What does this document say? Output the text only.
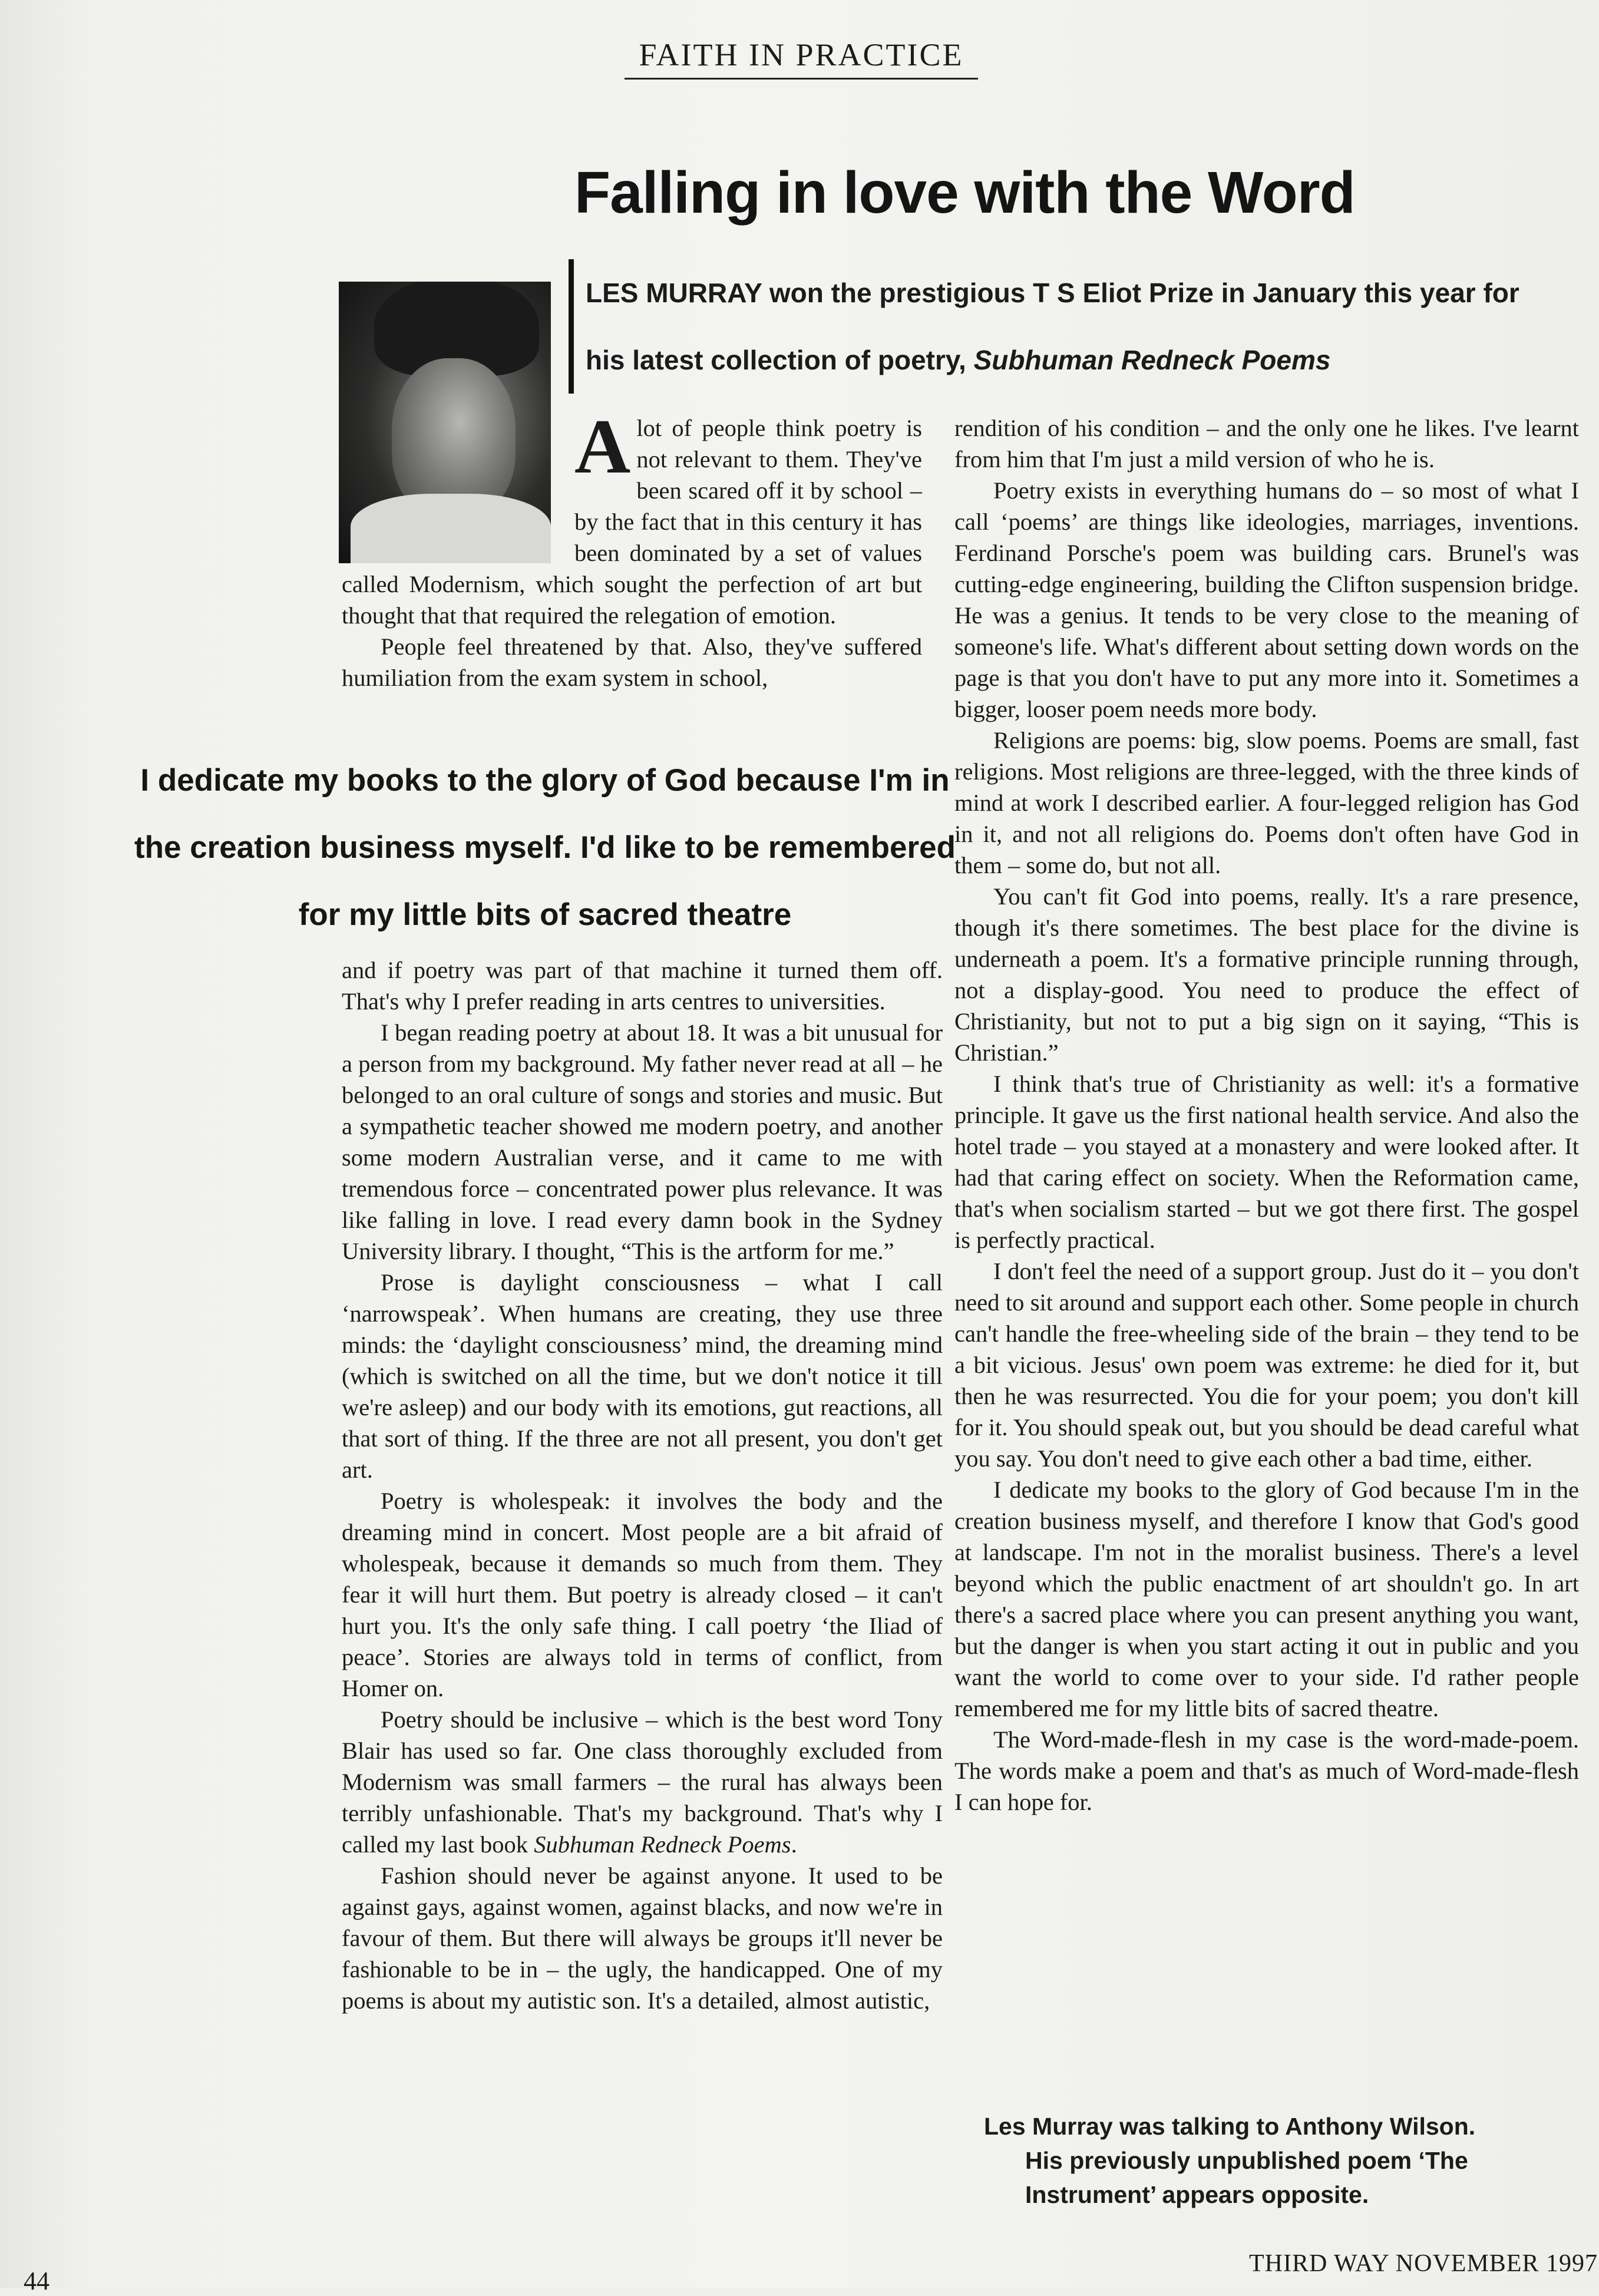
FAITH IN PRACTICE
Falling in love with the Word
LES MURRAY won the prestigious T S Eliot Prize in January this year for his latest collection of poetry, Subhuman Redneck Poems

Alot of people think poetry is not relevant to them. They've been scared off it by school – by the fact that in this century it has been dominated by a set of values called Modernism, which sought the perfection of art but thought that that required the relegation of emotion.

People feel threatened by that. Also, they've suffered humiliation from the exam system in school,

I dedicate my books to the glory of God because I'm in the creation business myself. I'd like to be remembered for my little bits of sacred theatre

and if poetry was part of that machine it turned them off. That's why I prefer reading in arts centres to universities.

I began reading poetry at about 18. It was a bit unusual for a person from my background. My father never read at all – he belonged to an oral culture of songs and stories and music. But a sympathetic teacher showed me modern poetry, and another some modern Australian verse, and it came to me with tremendous force – concentrated power plus relevance. It was like falling in love. I read every damn book in the Sydney University library. I thought, “This is the artform for me.”

Prose is daylight consciousness – what I call ‘narrowspeak’. When humans are creating, they use three minds: the ‘daylight consciousness’ mind, the dreaming mind (which is switched on all the time, but we don't notice it till we're asleep) and our body with its emotions, gut reactions, all that sort of thing. If the three are not all present, you don't get art.

Poetry is wholespeak: it involves the body and the dreaming mind in concert. Most people are a bit afraid of wholespeak, because it demands so much from them. They fear it will hurt them. But poetry is already closed – it can't hurt you. It's the only safe thing. I call poetry ‘the Iliad of peace’. Stories are always told in terms of conflict, from Homer on.

Poetry should be inclusive – which is the best word Tony Blair has used so far. One class thoroughly excluded from Modernism was small farmers – the rural has always been terribly unfashionable. That's my background. That's why I called my last book Subhuman Redneck Poems.

Fashion should never be against anyone. It used to be against gays, against women, against blacks, and now we're in favour of them. But there will always be groups it'll never be fashionable to be in – the ugly, the handicapped. One of my poems is about my autistic son. It's a detailed, almost autistic,

rendition of his condition – and the only one he likes. I've learnt from him that I'm just a mild version of who he is.

Poetry exists in everything humans do – so most of what I call ‘poems’ are things like ideologies, marriages, inventions. Ferdinand Porsche's poem was building cars. Brunel's was cutting-edge engineering, building the Clifton suspension bridge. He was a genius. It tends to be very close to the meaning of someone's life. What's different about setting down words on the page is that you don't have to put any more into it. Sometimes a bigger, looser poem needs more body.

Religions are poems: big, slow poems. Poems are small, fast religions. Most religions are three-legged, with the three kinds of mind at work I described earlier. A four-legged religion has God in it, and not all religions do. Poems don't often have God in them – some do, but not all.

You can't fit God into poems, really. It's a rare presence, though it's there sometimes. The best place for the divine is underneath a poem. It's a formative principle running through, not a display-good. You need to produce the effect of Christianity, but not to put a big sign on it saying, “This is Christian.”

I think that's true of Christianity as well: it's a formative principle. It gave us the first national health service. And also the hotel trade – you stayed at a monastery and were looked after. It had that caring effect on society. When the Reformation came, that's when socialism started – but we got there first. The gospel is perfectly practical.

I don't feel the need of a support group. Just do it – you don't need to sit around and support each other. Some people in church can't handle the free-wheeling side of the brain – they tend to be a bit vicious. Jesus' own poem was extreme: he died for it, but then he was resurrected. You die for your poem; you don't kill for it. You should speak out, but you should be dead careful what you say. You don't need to give each other a bad time, either.

I dedicate my books to the glory of God because I'm in the creation business myself, and therefore I know that God's good at landscape. I'm not in the moralist business. There's a level beyond which the public enactment of art shouldn't go. In art there's a sacred place where you can present anything you want, but the danger is when you start acting it out in public and you want the world to come over to your side. I'd rather people remembered me for my little bits of sacred theatre.

The Word-made-flesh in my case is the word-made-poem. The words make a poem and that's as much of Word-made-flesh I can hope for.

Les Murray was talking to Anthony Wilson.
His previously unpublished poem ‘The Instrument’ appears opposite.
THIRD WAY NOVEMBER 1997
44
